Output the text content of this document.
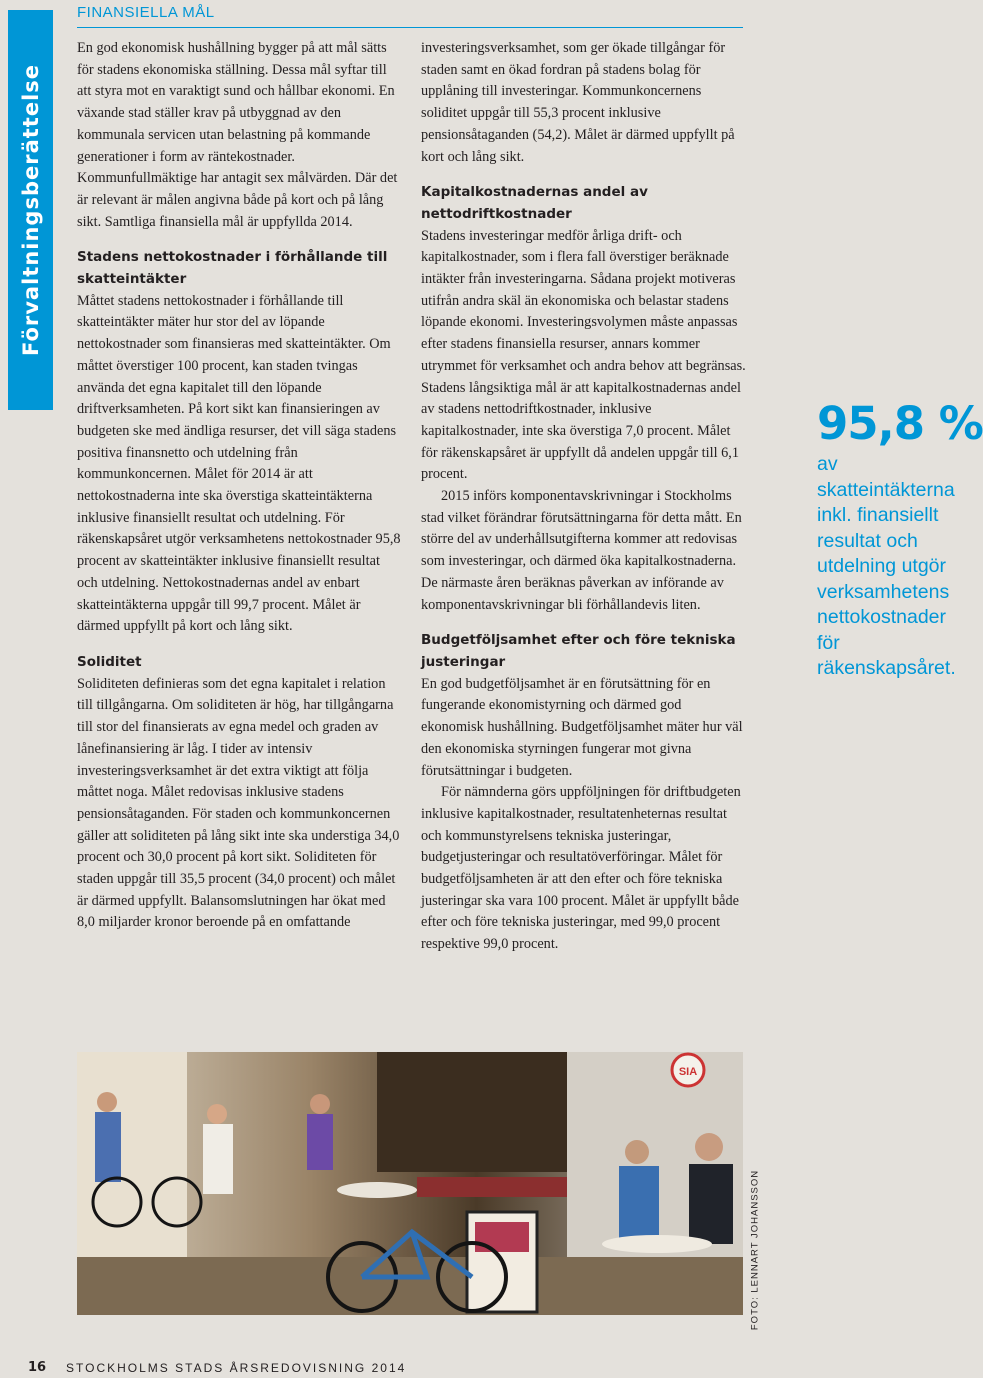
Förvaltningsberättelse
FINANSIELLA MÅL

En god ekonomisk hushållning bygger på att mål sätts för stadens ekonomiska ställning. Dessa mål syftar till att styra mot en varaktigt sund och hållbar ekonomi. En växande stad ställer krav på utbyggnad av den kommunala servicen utan belastning på kommande generationer i form av räntekostnader. Kommunfullmäktige har antagit sex målvärden. Där det är relevant är målen angivna både på kort och på lång sikt. Samtliga finansiella mål är uppfyllda 2014.

Stadens nettokostnader i förhållande till skatteintäkter

Måttet stadens nettokostnader i förhållande till skatteintäkter mäter hur stor del av löpande nettokostnader som finansieras med skatteintäkter. Om måttet överstiger 100 procent, kan staden tvingas använda det egna kapitalet till den löpande driftverksamheten. På kort sikt kan finansieringen av budgeten ske med ändliga resurser, det vill säga stadens positiva finansnetto och utdelning från kommunkoncernen. Målet för 2014 är att nettokostnaderna inte ska överstiga skatteintäkterna inklusive finansiellt resultat och utdelning. För räkenskapsåret utgör verksamhetens nettokostnader 95,8 procent av skatteintäkter inklusive finansiellt resultat och utdelning. Nettokostnadernas andel av enbart skatteintäkterna uppgår till 99,7 procent. Målet är därmed uppfyllt på kort och lång sikt.

Soliditet

Soliditeten definieras som det egna kapitalet i relation till tillgångarna. Om soliditeten är hög, har tillgångarna till stor del finansierats av egna medel och graden av lånefinansiering är låg. I tider av intensiv investeringsverksamhet är det extra viktigt att följa måttet noga. Målet redovisas inklusive stadens pensionsåtaganden. För staden och kommunkoncernen gäller att soliditeten på lång sikt inte ska understiga 34,0 procent och 30,0 procent på kort sikt. Soliditeten för staden uppgår till 35,5 procent (34,0 procent) och målet är därmed uppfyllt. Balansomslutningen har ökat med 8,0 miljarder kronor beroende på en omfattande

investeringsverksamhet, som ger ökade tillgångar för staden samt en ökad fordran på stadens bolag för upplåning till investeringar. Kommunkoncernens soliditet uppgår till 55,3 procent inklusive pensionsåtaganden (54,2). Målet är därmed uppfyllt på kort och lång sikt.

Kapitalkostnadernas andel av nettodriftkostnader

Stadens investeringar medför årliga drift- och kapitalkostnader, som i flera fall överstiger beräknade intäkter från investeringarna. Sådana projekt motiveras utifrån andra skäl än ekonomiska och belastar stadens löpande ekonomi. Investeringsvolymen måste anpassas efter stadens finansiella resurser, annars kommer utrymmet för verksamhet och andra behov att begränsas. Stadens långsiktiga mål är att kapitalkostnadernas andel av stadens nettodriftkostnader, inklusive kapitalkostnader, inte ska överstiga 7,0 procent. Målet för räkenskapsåret är uppfyllt då andelen uppgår till 6,1 procent.

2015 införs komponentavskrivningar i Stockholms stad vilket förändrar förutsättningarna för detta mått. En större del av underhållsutgifterna kommer att redovisas som investeringar, och därmed öka kapitalkostnaderna. De närmaste åren beräknas påverkan av införande av komponentavskrivningar bli förhållandevis liten.

Budgetföljsamhet efter och före tekniska justeringar

En god budgetföljsamhet är en förutsättning för en fungerande ekonomistyrning och därmed god ekonomisk hushållning. Budgetföljsamhet mäter hur väl den ekonomiska styrningen fungerar mot givna förutsättningar i budgeten.

För nämnderna görs uppföljningen för driftbudgeten inklusive kapitalkostnader, resultatenheternas resultat och kommunstyrelsens tekniska justeringar, budgetjusteringar och resultatöverföringar. Målet för budgetföljsamheten är att den efter och före tekniska justeringar ska vara 100 procent. Målet är uppfyllt både efter och före tekniska justeringar, med 99,0 procent respektive 99,0 procent.

95,8 %
av skatteintäkterna inkl. finansiellt resultat och utdelning utgör verksamhetens nettokostnader för räkenskapsåret.
SIA
FOTO: LENNART JOHANSSON
16 STOCKHOLMS STADS ÅRSREDOVISNING 2014
